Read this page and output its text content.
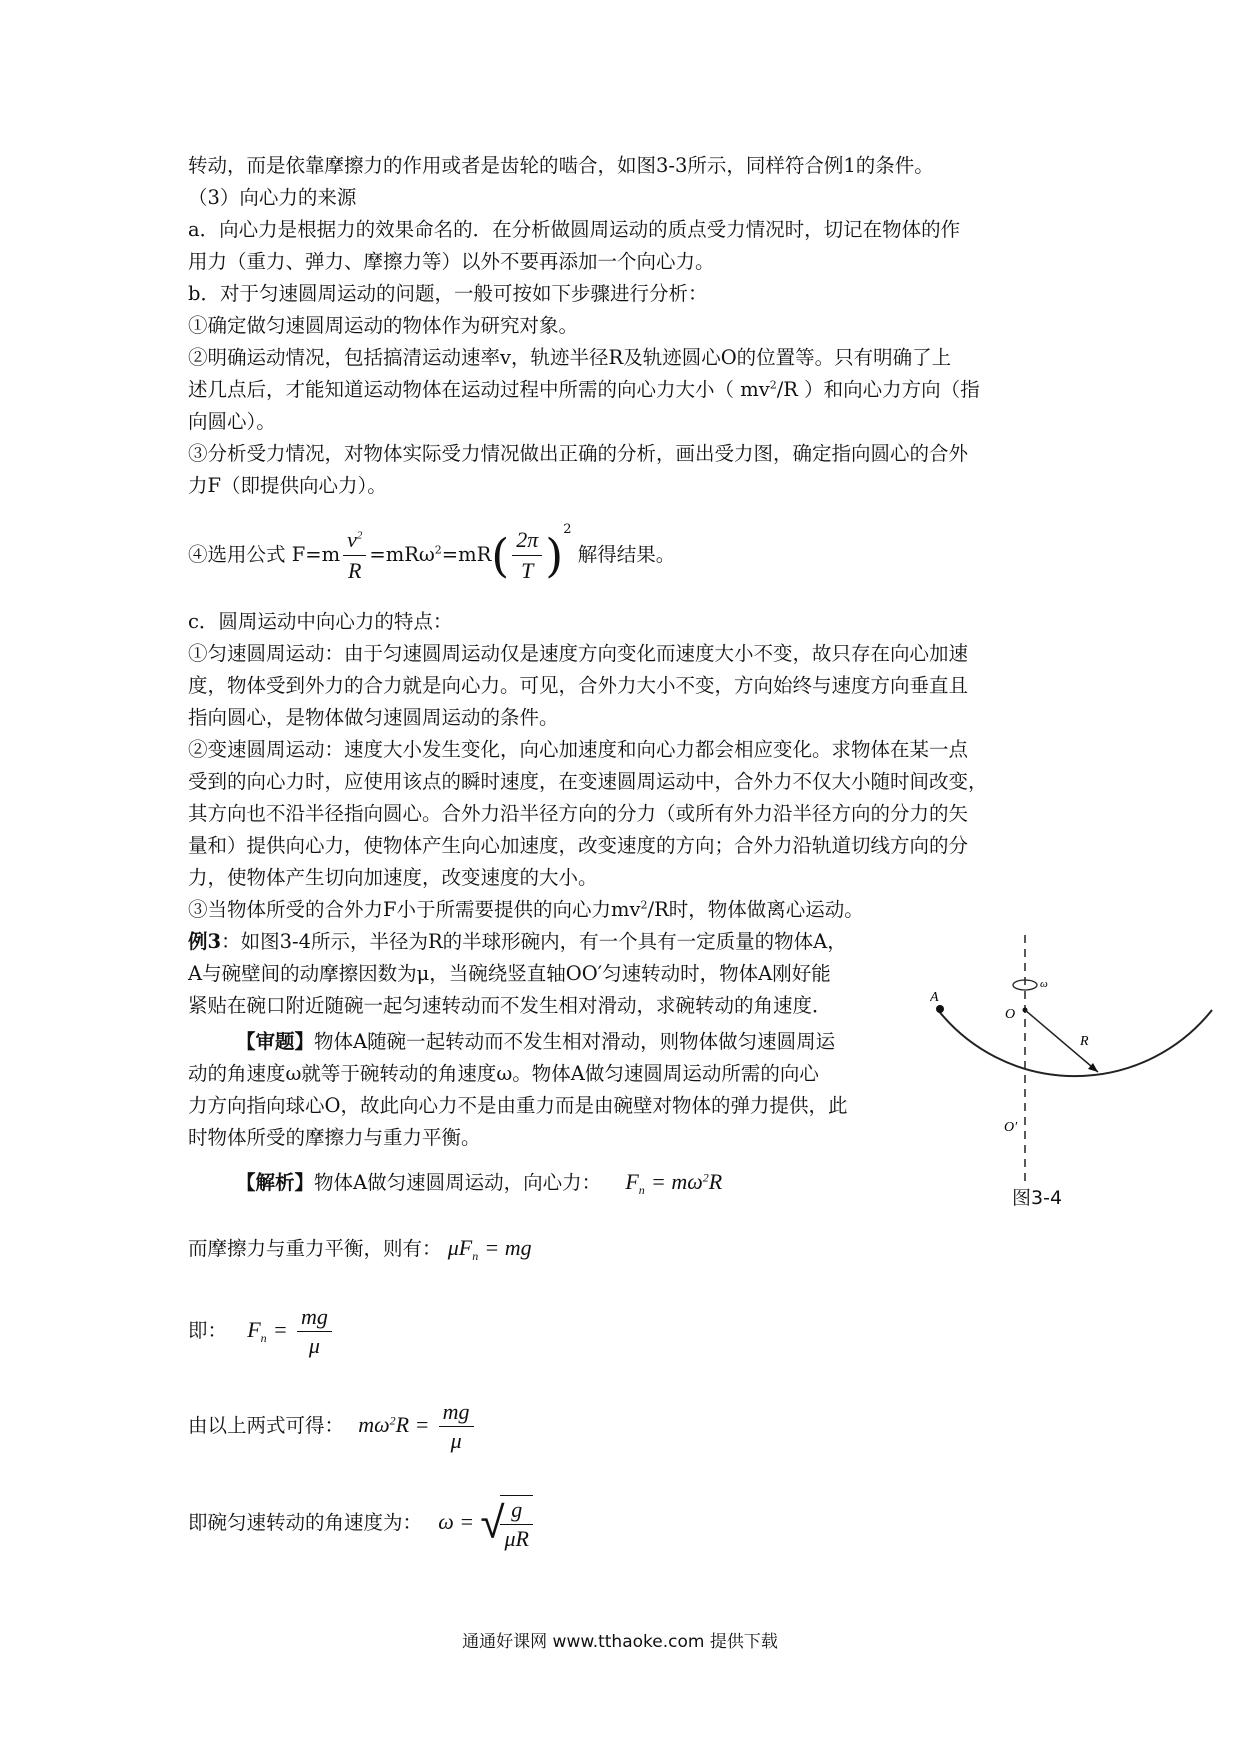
转动，而是依靠摩擦力的作用或者是齿轮的啮合，如图3-3所示，同样符合例1的条件。
（3）向心力的来源
a．向心力是根据力的效果命名的．在分析做圆周运动的质点受力情况时，切记在物体的作
用力（重力、弹力、摩擦力等）以外不要再添加一个向心力。
b．对于匀速圆周运动的问题，一般可按如下步骤进行分析：
①确定做匀速圆周运动的物体作为研究对象。
②明确运动情况，包括搞清运动速率v，轨迹半径R及轨迹圆心O的位置等。只有明确了上
述几点后，才能知道运动物体在运动过程中所需的向心力大小（ $mv^2/R$ ）和向心力方向（指
向圆心）。
③分析受力情况，对物体实际受力情况做出正确的分析，画出受力图，确定指向圆心的合外
力F（即提供向心力）。
④选用公式 $F=m \frac{v^2}{R} =mR\omega^2=mR( \frac{2\pi}{T} )^2$ 解得结果。
c．圆周运动中向心力的特点：
①匀速圆周运动：由于匀速圆周运动仅是速度方向变化而速度大小不变，故只存在向心加速
度，物体受到外力的合力就是向心力。可见，合外力大小不变，方向始终与速度方向垂直且
指向圆心，是物体做匀速圆周运动的条件。
②变速圆周运动：速度大小发生变化，向心加速度和向心力都会相应变化。求物体在某一点
受到的向心力时，应使用该点的瞬时速度，在变速圆周运动中，合外力不仅大小随时间改变，
其方向也不沿半径指向圆心。合外力沿半径方向的分力（或所有外力沿半径方向的分力的矢
量和）提供向心力，使物体产生向心加速度，改变速度的方向；合外力沿轨道切线方向的分
力，使物体产生切向加速度，改变速度的大小。
③当物体所受的合外力F小于所需要提供的向心力$mv^2/R$时，物体做离心运动。
例3：如图3-4所示，半径为R的半球形碗内，有一个具有一定质量的物体A，
A与碗壁间的动摩擦因数为μ，当碗绕竖直轴OO′匀速转动时，物体A刚好能
紧贴在碗口附近随碗一起匀速转动而不发生相对滑动，求碗转动的角速度．
【审题】物体A随碗一起转动而不发生相对滑动，则物体做匀速圆周运
动的角速度ω就等于碗转动的角速度ω。物体A做匀速圆周运动所需的向心
力方向指向球心O，故此向心力不是由重力而是由碗壁对物体的弹力提供，此
时物体所受的摩擦力与重力平衡。
A
O
R
O′
ω
图3-4
【解析】物体A做匀速圆周运动，向心力： $F_n = m\omega^2R$
而摩擦力与重力平衡，则有： $\mu F_n$ = mg
即： $F_n = \frac{mg}{\mu}$
由以上两式可得： $m\omega^2R = \frac{mg}{\mu}$
即碗匀速转动的角速度为： ω = √
$\frac{g}{\mu R}$
通通好课网 www.tthaoke.com 提供下载
